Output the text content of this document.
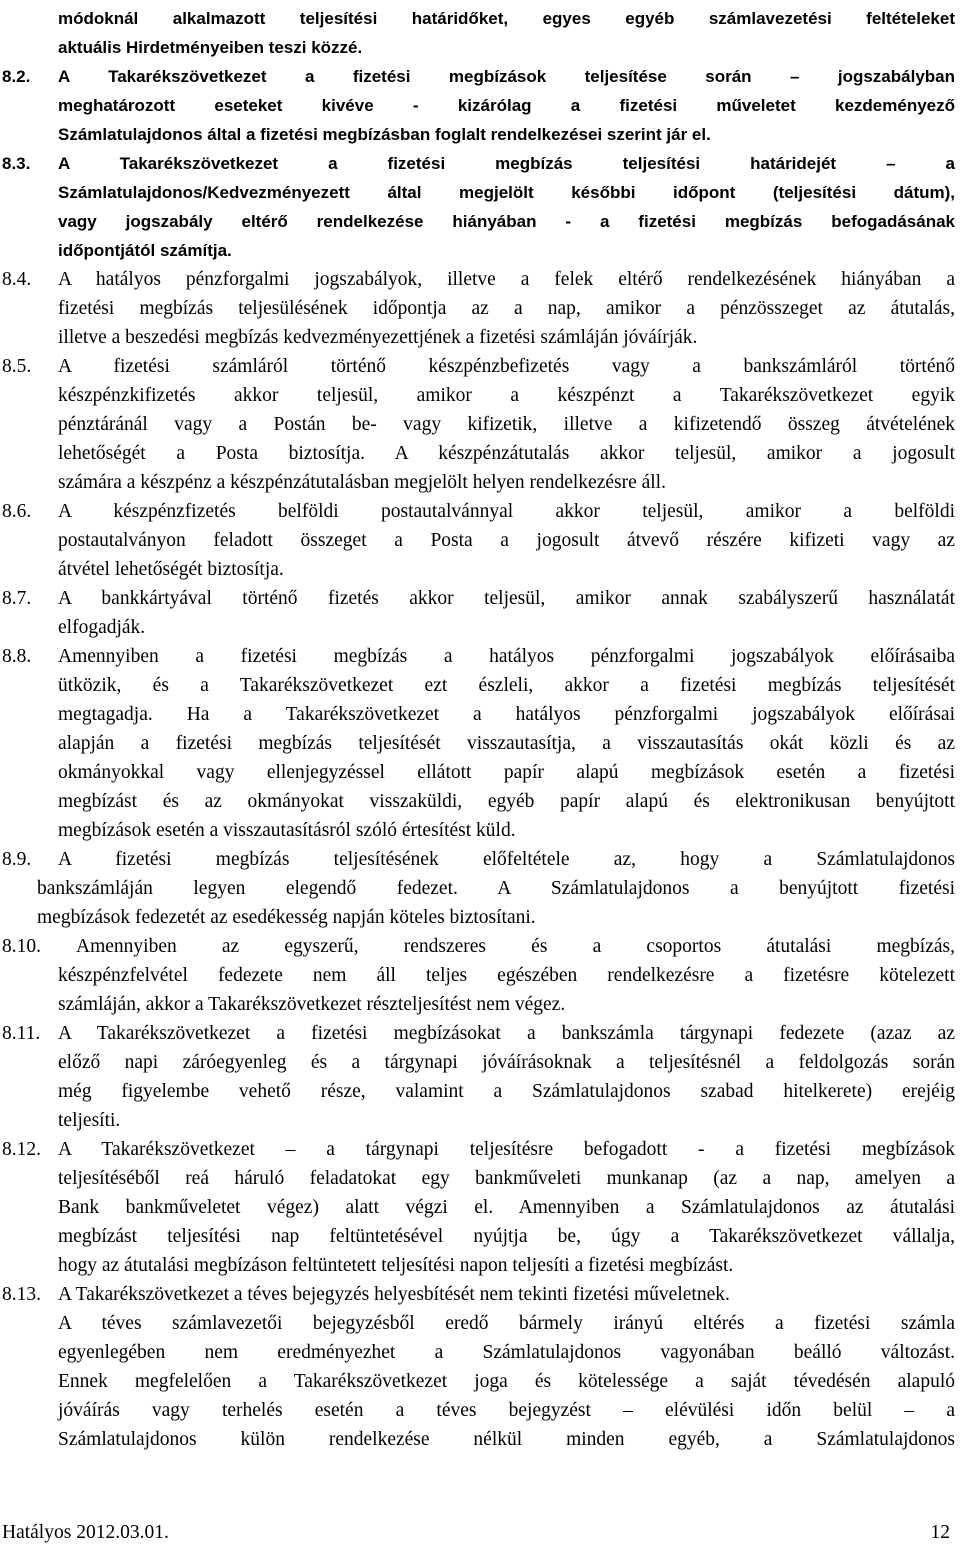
módoknál alkalmazott teljesítési határidőket, egyes egyéb számlavezetési feltételeket
aktuális Hirdetményeiben teszi közzé.
8.2.	A Takarékszövetkezet a fizetési megbízások teljesítése során – jogszabályban
meghatározott eseteket kivéve - kizárólag a fizetési műveletet kezdeményező
Számlatulajdonos által a fizetési megbízásban foglalt rendelkezései szerint jár el.
8.3.	A Takarékszövetkezet a fizetési megbízás teljesítési határidejét – a
Számlatulajdonos/Kedvezményezett által megjelölt későbbi időpont (teljesítési dátum),
vagy jogszabály eltérő rendelkezése hiányában - a fizetési megbízás befogadásának
időpontjától számítja.
8.4.	A hatályos pénzforgalmi jogszabályok, illetve a felek eltérő rendelkezésének hiányában a
fizetési megbízás teljesülésének időpontja az a nap, amikor a pénzösszeget az átutalás,
illetve a beszedési megbízás kedvezményezettjének a fizetési számláján jóváírják.
8.5.	A fizetési számláról történő készpénzbefizetés vagy a bankszámláról történő
készpénzkifizetés akkor teljesül, amikor a készpénzt a Takarékszövetkezet egyik
pénztáránál vagy a Postán be- vagy kifizetik, illetve a kifizetendő összeg átvételének
lehetőségét a Posta biztosítja. A készpénzátutalás akkor teljesül, amikor a jogosult
számára a készpénz a készpénzátutalásban megjelölt helyen rendelkezésre áll.
8.6.	A készpénzfizetés belföldi postautalvánnyal akkor teljesül, amikor a belföldi
postautalványon feladott összeget a Posta a jogosult átvevő részére kifizeti vagy az
átvétel lehetőségét biztosítja.
8.7.	A bankkártyával történő fizetés akkor teljesül, amikor annak szabályszerű használatát
elfogadják.
8.8.	Amennyiben a fizetési megbízás a hatályos pénzforgalmi jogszabályok előírásaiba
ütközik, és a Takarékszövetkezet ezt észleli, akkor a fizetési megbízás teljesítését
megtagadja. Ha a Takarékszövetkezet a hatályos pénzforgalmi jogszabályok előírásai
alapján a fizetési megbízás teljesítését visszautasítja, a visszautasítás okát közli és az
okmányokkal vagy ellenjegyzéssel ellátott papír alapú megbízások esetén a fizetési
megbízást és az okmányokat visszaküldi, egyéb papír alapú és elektronikusan benyújtott
megbízások esetén a visszautasításról szóló értesítést küld.
8.9.	A fizetési megbízás teljesítésének előfeltétele az, hogy a Számlatulajdonos
bankszámláján legyen elegendő fedezet. A Számlatulajdonos a benyújtott fizetési
megbízások fedezetét az esedékesség napján köteles biztosítani.
8.10.	Amennyiben az egyszerű, rendszeres és a csoportos átutalási megbízás,
készpénzfelvétel fedezete nem áll teljes egészében rendelkezésre a fizetésre kötelezett
számláján, akkor a Takarékszövetkezet részteljesítést nem végez.
8.11. A Takarékszövetkezet a fizetési megbízásokat a bankszámla tárgynapi fedezete (azaz az
előző napi záróegyenleg és a tárgynapi jóváírásoknak a teljesítésnél a feldolgozás során
még figyelembe vehető része, valamint a Számlatulajdonos szabad hitelkerete) erejéig
teljesíti.
8.12. A Takarékszövetkezet – a tárgynapi teljesítésre befogadott - a fizetési megbízások
teljesítéséből reá háruló feladatokat egy bankműveleti munkanap (az a nap, amelyen a
Bank bankműveletet végez) alatt végzi el. Amennyiben a Számlatulajdonos az átutalási
megbízást teljesítési nap feltüntetésével nyújtja be, úgy a Takarékszövetkezet vállalja,
hogy az átutalási megbízáson feltüntetett teljesítési napon teljesíti a fizetési megbízást.
8.13. A Takarékszövetkezet a téves bejegyzés helyesbítését nem tekinti fizetési műveletnek.
A téves számlavezetői bejegyzésből eredő bármely irányú eltérés a fizetési számla
egyenlegében nem eredményezhet a Számlatulajdonos vagyonában beálló változást.
Ennek megfelelően a Takarékszövetkezet joga és kötelessége a saját tévedésén alapuló
jóváírás vagy terhelés esetén a téves bejegyzést – elévülési időn belül – a
Számlatulajdonos külön rendelkezése nélkül minden egyéb, a Számlatulajdonos
Hatályos 2012.03.01.	12
